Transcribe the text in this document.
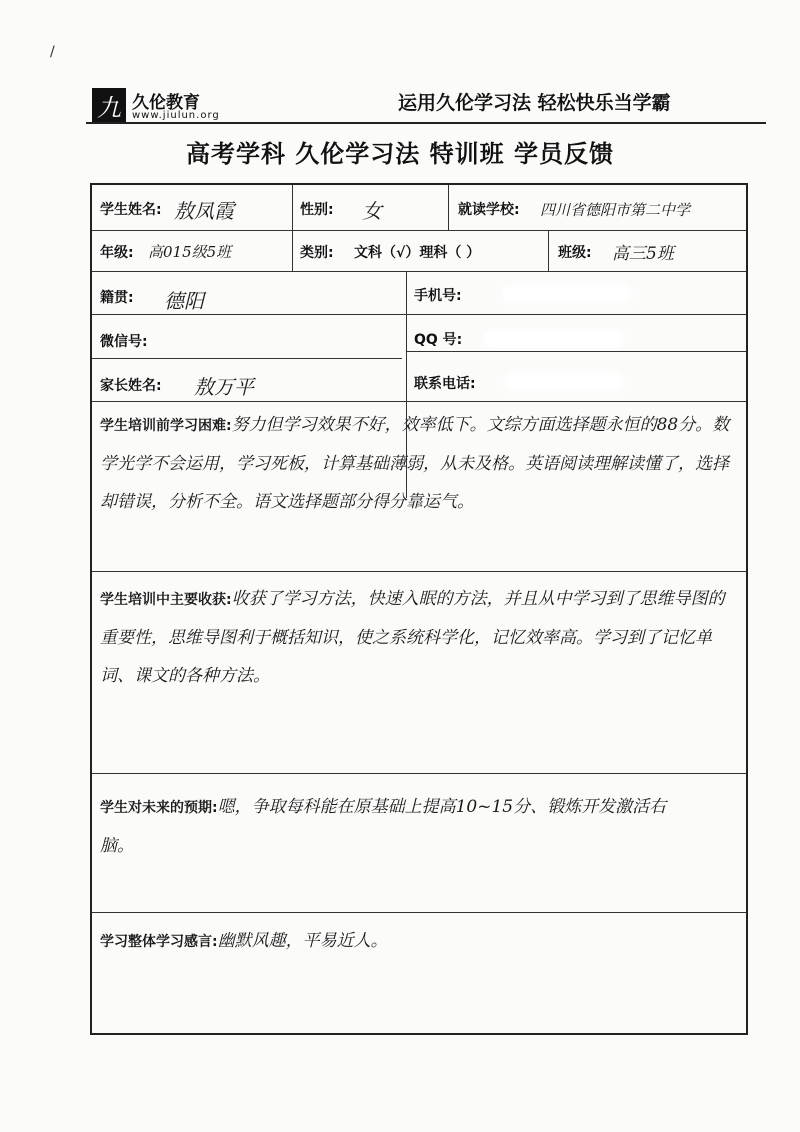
/
九 久伦教育
www.jiulun.org
运用久伦学习法 轻松快乐当学霸
高考学科 久伦学习法 特训班 学员反馈
学生姓名: 敖凤霞	性别: 女	就读学校: 四川省德阳市第二中学
年级: 高015级5班	类别: 文科（√）理科（ ）	班级: 高三5班
籍贯: 德阳	手机号:
微信号:	QQ 号:
家长姓名: 敖万平	联系电话:
学生培训前学习困难:努力但学习效果不好，效率低下。文综方面选择题永恒的88分。数学光学不会运用，学习死板，计算基础薄弱，从未及格。英语阅读理解读懂了，选择却错误，分析不全。语文选择题部分得分靠运气。
学生培训中主要收获:收获了学习方法，快速入眠的方法，并且从中学习到了思维导图的重要性，思维导图利于概括知识，使之系统科学化，记忆效率高。学习到了记忆单词、课文的各种方法。
学生对未来的预期:嗯，争取每科能在原基础上提高10~15分、锻炼开发激活右脑。
学习整体学习感言:幽默风趣，平易近人。
